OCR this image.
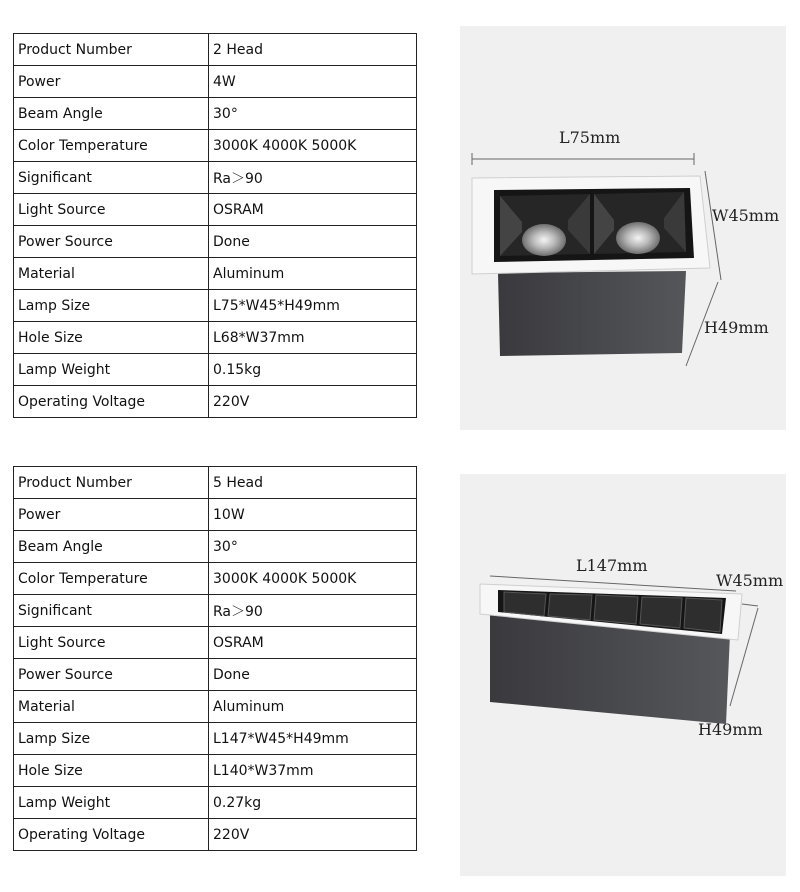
Product Number	2 Head
Power	4W
Beam Angle	30°
Color Temperature	3000K 4000K 5000K
Significant	Ra＞90
Light Source	OSRAM
Power Source	Done
Material	Aluminum
Lamp Size	L75*W45*H49mm
Hole Size	L68*W37mm
Lamp Weight	0.15kg
Operating Voltage	220V
L75mm
W45mm
H49mm
Product Number	5 Head
Power	10W
Beam Angle	30°
Color Temperature	3000K 4000K 5000K
Significant	Ra＞90
Light Source	OSRAM
Power Source	Done
Material	Aluminum
Lamp Size	L147*W45*H49mm
Hole Size	L140*W37mm
Lamp Weight	0.27kg
Operating Voltage	220V
L147mm
W45mm
H49mm
